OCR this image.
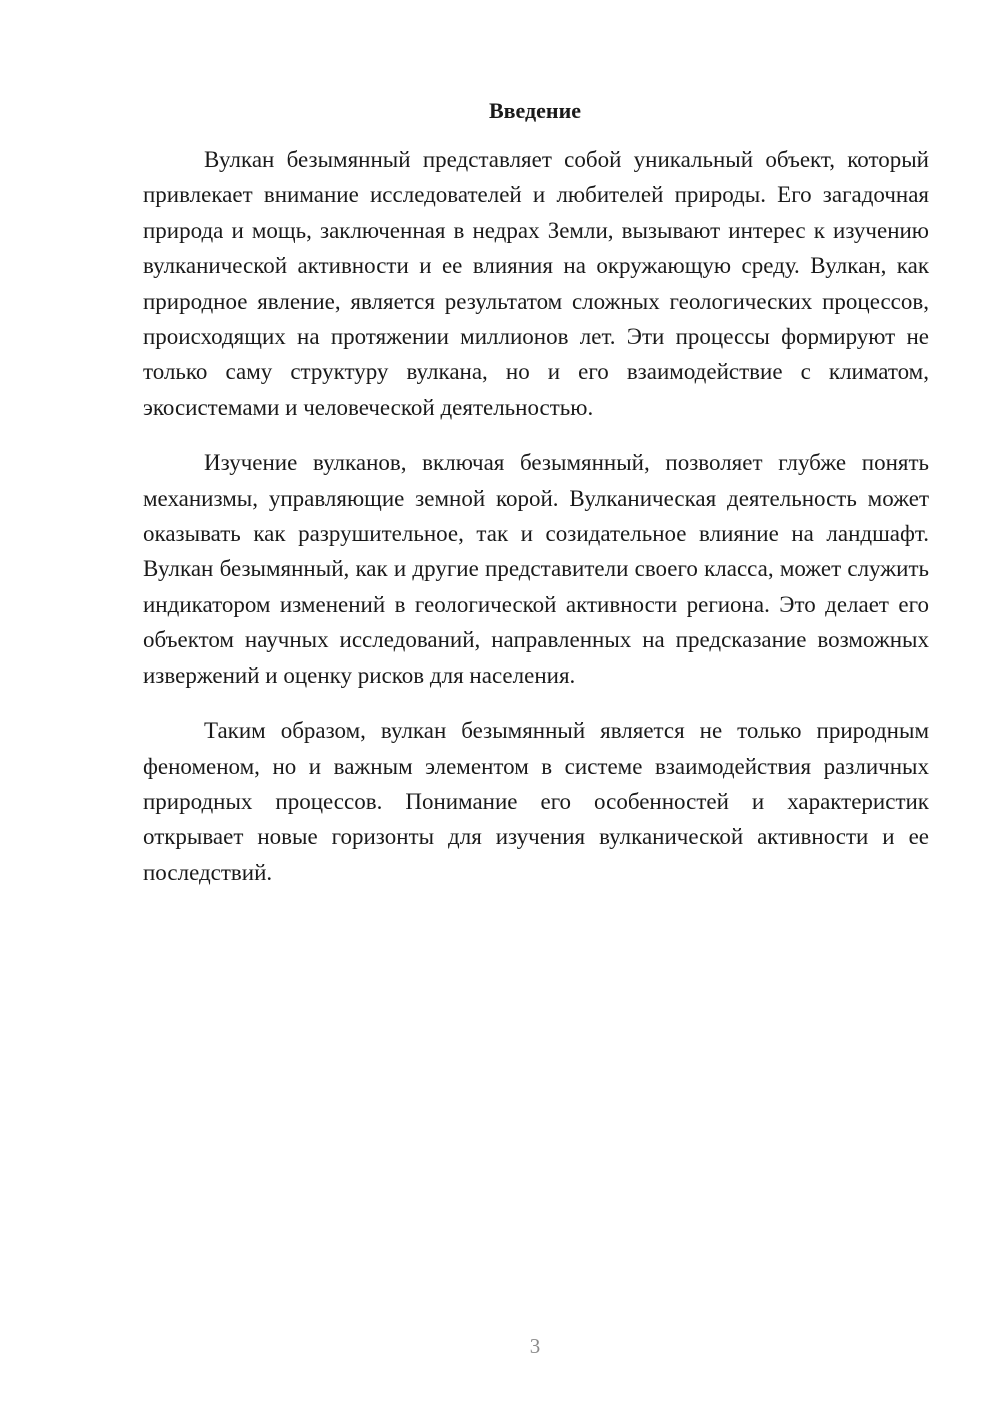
Введение

Вулкан безымянный представляет собой уникальный объект, который привлекает внимание исследователей и любителей природы. Его загадочная природа и мощь, заключенная в недрах Земли, вызывают интерес к изучению вулканической активности и ее влияния на окружающую среду. Вулкан, как природное явление, является результатом сложных геологических процессов, происходящих на протяжении миллионов лет. Эти процессы формируют не только саму структуру вулкана, но и его взаимодействие с климатом, экосистемами и человеческой деятельностью.

Изучение вулканов, включая безымянный, позволяет глубже понять механизмы, управляющие земной корой. Вулканическая деятельность может оказывать как разрушительное, так и созидательное влияние на ландшафт. Вулкан безымянный, как и другие представители своего класса, может служить индикатором изменений в геологической активности региона. Это делает его объектом научных исследований, направленных на предсказание возможных извержений и оценку рисков для населения.

Таким образом, вулкан безымянный является не только природным феноменом, но и важным элементом в системе взаимодействия различных природных процессов. Понимание его особенностей и характеристик открывает новые горизонты для изучения вулканической активности и ее последствий.

3
